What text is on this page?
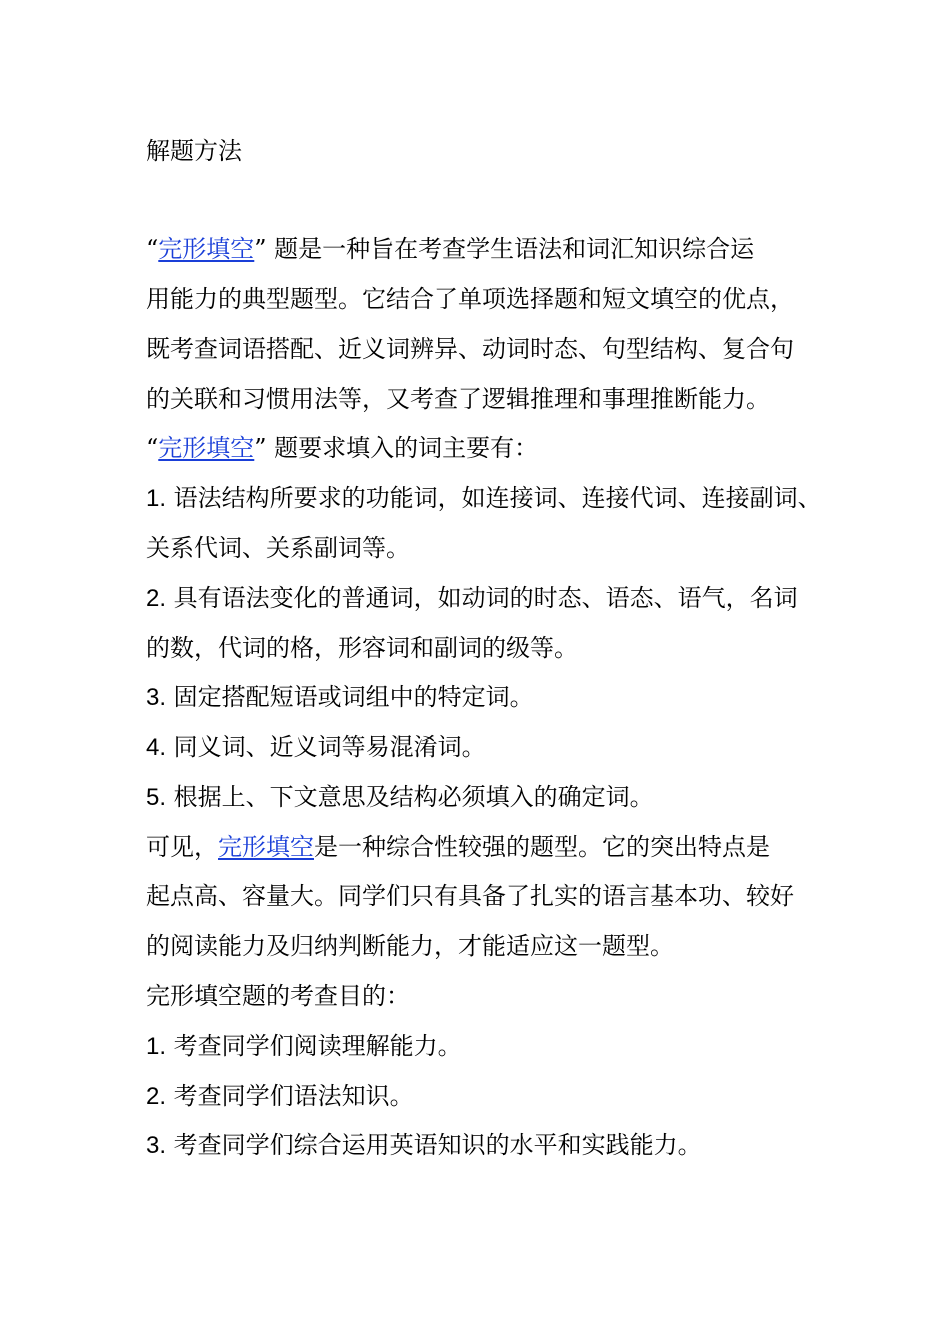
解题方法
“完形填空” 题是一种旨在考查学生语法和词汇知识综合运
用能力的典型题型。它结合了单项选择题和短文填空的优点，
既考查词语搭配、近义词辨异、动词时态、句型结构、复合句
的关联和习惯用法等，又考查了逻辑推理和事理推断能力。
“完形填空” 题要求填入的词主要有：
1. 语法结构所要求的功能词，如连接词、连接代词、连接副词、
关系代词、关系副词等。
2. 具有语法变化的普通词，如动词的时态、语态、语气，名词
的数，代词的格，形容词和副词的级等。
3. 固定搭配短语或词组中的特定词。
4. 同义词、近义词等易混淆词。
5. 根据上、下文意思及结构必须填入的确定词。
可见，完形填空是一种综合性较强的题型。它的突出特点是
起点高、容量大。同学们只有具备了扎实的语言基本功、较好
的阅读能力及归纳判断能力，才能适应这一题型。
完形填空题的考查目的：
1. 考查同学们阅读理解能力。
2. 考查同学们语法知识。
3. 考查同学们综合运用英语知识的水平和实践能力。
